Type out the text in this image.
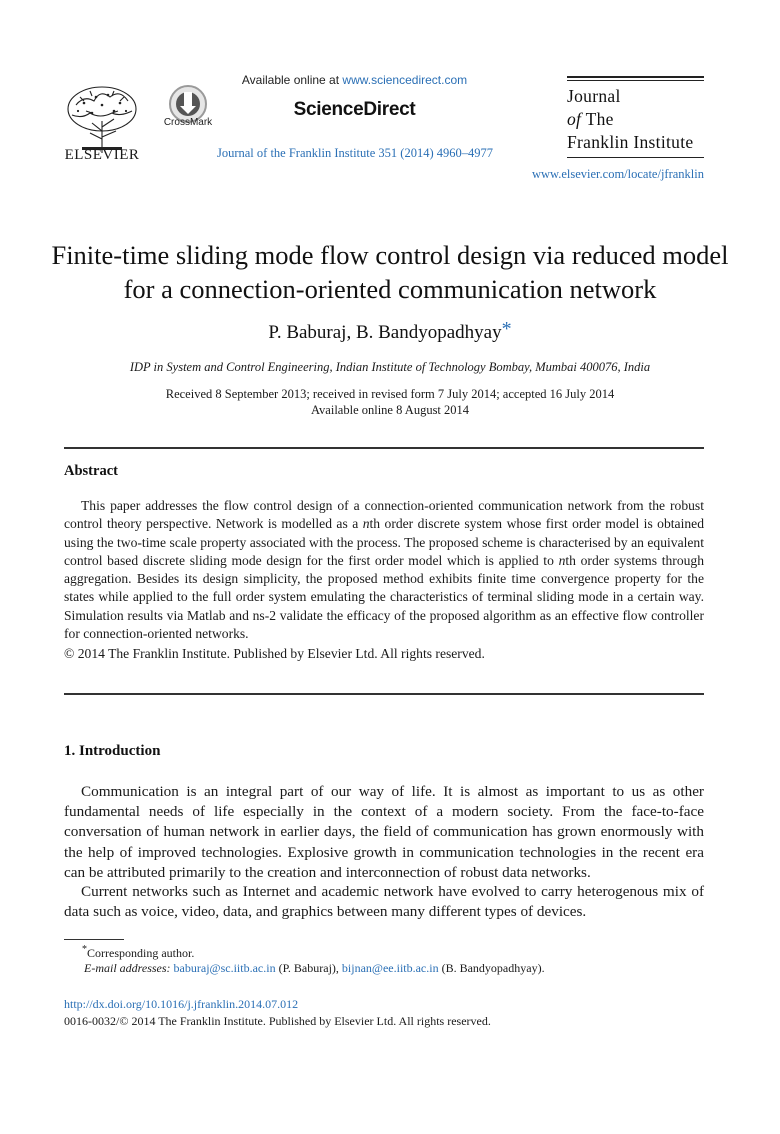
ELSEVIER
CrossMark
Available online at www.sciencedirect.com
ScienceDirect
Journal of the Franklin Institute 351 (2014) 4960–4977
Journal
of The
Franklin Institute
www.elsevier.com/locate/jfranklin
Finite-time sliding mode flow control design via reduced model for a connection-oriented communication network
P. Baburaj, B. Bandyopadhyay*
IDP in System and Control Engineering, Indian Institute of Technology Bombay, Mumbai 400076, India
Received 8 September 2013; received in revised form 7 July 2014; accepted 16 July 2014
Available online 8 August 2014
Abstract
This paper addresses the flow control design of a connection-oriented communication network from the robust control theory perspective. Network is modelled as a nth order discrete system whose first order model is obtained using the two-time scale property associated with the process. The proposed scheme is characterised by an equivalent control based discrete sliding mode design for the first order model which is applied to nth order systems through aggregation. Besides its design simplicity, the proposed method exhibits finite time convergence property for the states while applied to the full order system emulating the characteristics of terminal sliding mode in a certain way. Simulation results via Matlab and ns-2 validate the efficacy of the proposed algorithm as an effective flow controller for connection-oriented networks.
© 2014 The Franklin Institute. Published by Elsevier Ltd. All rights reserved.
1. Introduction
Communication is an integral part of our way of life. It is almost as important to us as other fundamental needs of life especially in the context of a modern society. From the face-to-face conversation of human network in earlier days, the field of communication has grown enormously with the help of improved technologies. Explosive growth in communication technologies in the recent era can be attributed primarily to the creation and interconnection of robust data networks.
Current networks such as Internet and academic network have evolved to carry heterogenous mix of data such as voice, video, data, and graphics between many different types of devices.
*Corresponding author.
E-mail addresses: baburaj@sc.iitb.ac.in (P. Baburaj), bijnan@ee.iitb.ac.in (B. Bandyopadhyay).
http://dx.doi.org/10.1016/j.jfranklin.2014.07.012
0016-0032/© 2014 The Franklin Institute. Published by Elsevier Ltd. All rights reserved.
